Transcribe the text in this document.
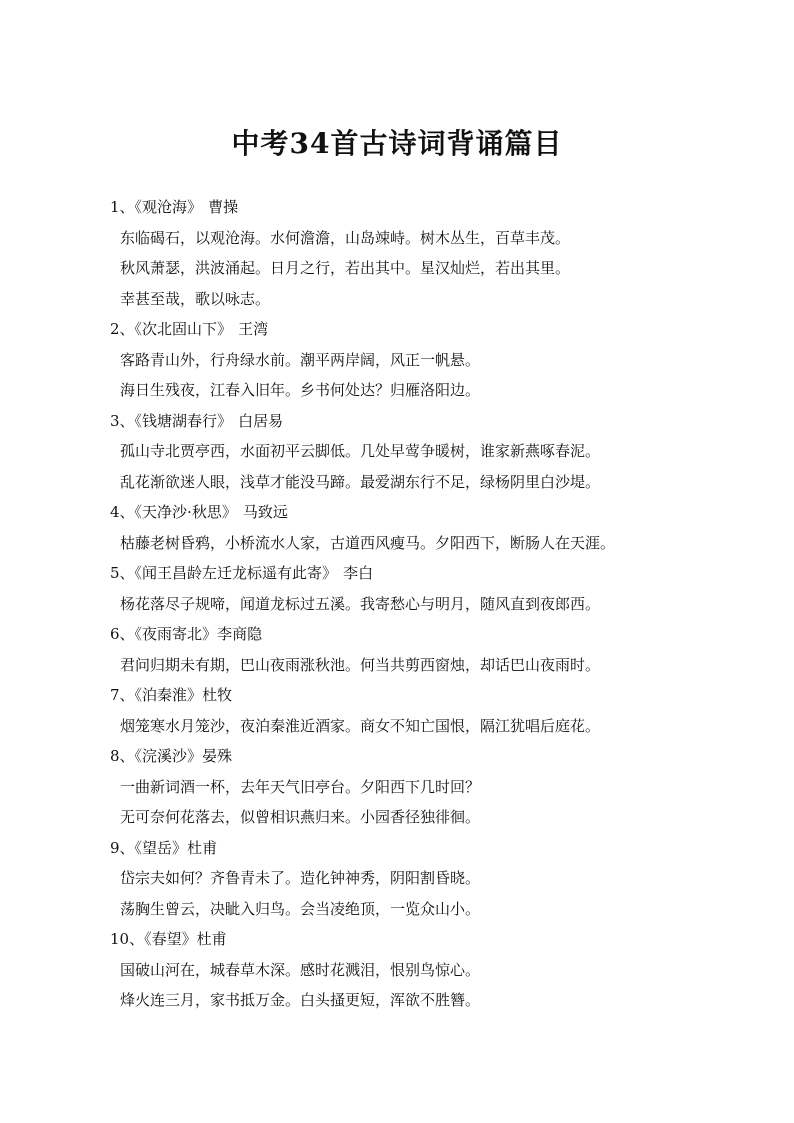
中考34首古诗词背诵篇目
1、《观沧海》 曹操
东临碣石，以观沧海。水何澹澹，山岛竦峙。树木丛生，百草丰茂。
秋风萧瑟，洪波涌起。日月之行，若出其中。星汉灿烂，若出其里。
幸甚至哉，歌以咏志。
2、《次北固山下》 王湾
客路青山外，行舟绿水前。潮平两岸阔，风正一帆悬。
海日生残夜，江春入旧年。乡书何处达？归雁洛阳边。
3、《钱塘湖春行》 白居易
孤山寺北贾亭西，水面初平云脚低。几处早莺争暖树，谁家新燕啄春泥。
乱花渐欲迷人眼，浅草才能没马蹄。最爱湖东行不足，绿杨阴里白沙堤。
4、《天净沙·秋思》 马致远
枯藤老树昏鸦，小桥流水人家，古道西风瘦马。夕阳西下，断肠人在天涯。
5、《闻王昌龄左迁龙标遥有此寄》 李白
杨花落尽子规啼，闻道龙标过五溪。我寄愁心与明月，随风直到夜郎西。
6、《夜雨寄北》李商隐
君问归期未有期，巴山夜雨涨秋池。何当共剪西窗烛，却话巴山夜雨时。
7、《泊秦淮》杜牧
烟笼寒水月笼沙，夜泊秦淮近酒家。商女不知亡国恨，隔江犹唱后庭花。
8、《浣溪沙》晏殊
一曲新词酒一杯，去年天气旧亭台。夕阳西下几时回？
无可奈何花落去，似曾相识燕归来。小园香径独徘徊。
9、《望岳》杜甫
岱宗夫如何？齐鲁青未了。造化钟神秀，阴阳割昏晓。
荡胸生曾云，决眦入归鸟。会当凌绝顶，一览众山小。
10、《春望》杜甫
国破山河在，城春草木深。感时花溅泪，恨别鸟惊心。
烽火连三月，家书抵万金。白头搔更短，浑欲不胜簪。
